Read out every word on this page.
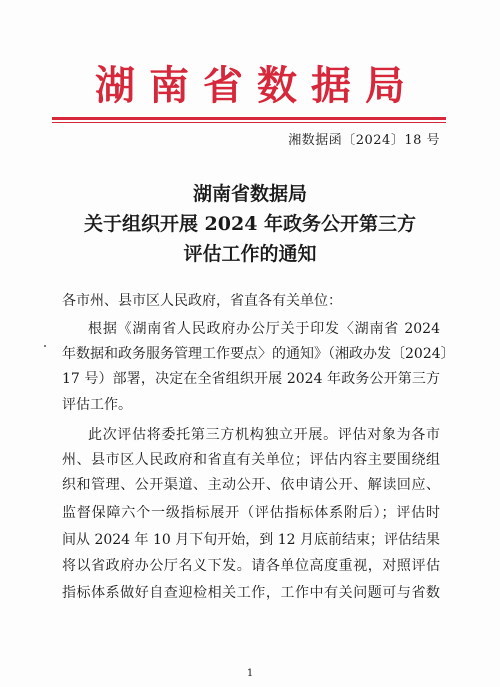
湖南省数据局
湘数据函〔2024〕18 号
湖南省数据局
关于组织开展 2024 年政务公开第三方
评估工作的通知
各市州、县市区人民政府，省直各有关单位：
根据《湖南省人民政府办公厅关于印发〈湖南省 2024
年数据和政务服务管理工作要点〉的通知》（湘政办发〔2024〕
17 号）部署，决定在全省组织开展 2024 年政务公开第三方
评估工作。
此次评估将委托第三方机构独立开展。评估对象为各市
州、县市区人民政府和省直有关单位；评估内容主要围绕组
织和管理、公开渠道、主动公开、依申请公开、解读回应、
监督保障六个一级指标展开（评估指标体系附后）；评估时
间从 2024 年 10 月下旬开始，到 12 月底前结束；评估结果
将以省政府办公厅名义下发。请各单位高度重视，对照评估
指标体系做好自查迎检相关工作，工作中有关问题可与省数
1
